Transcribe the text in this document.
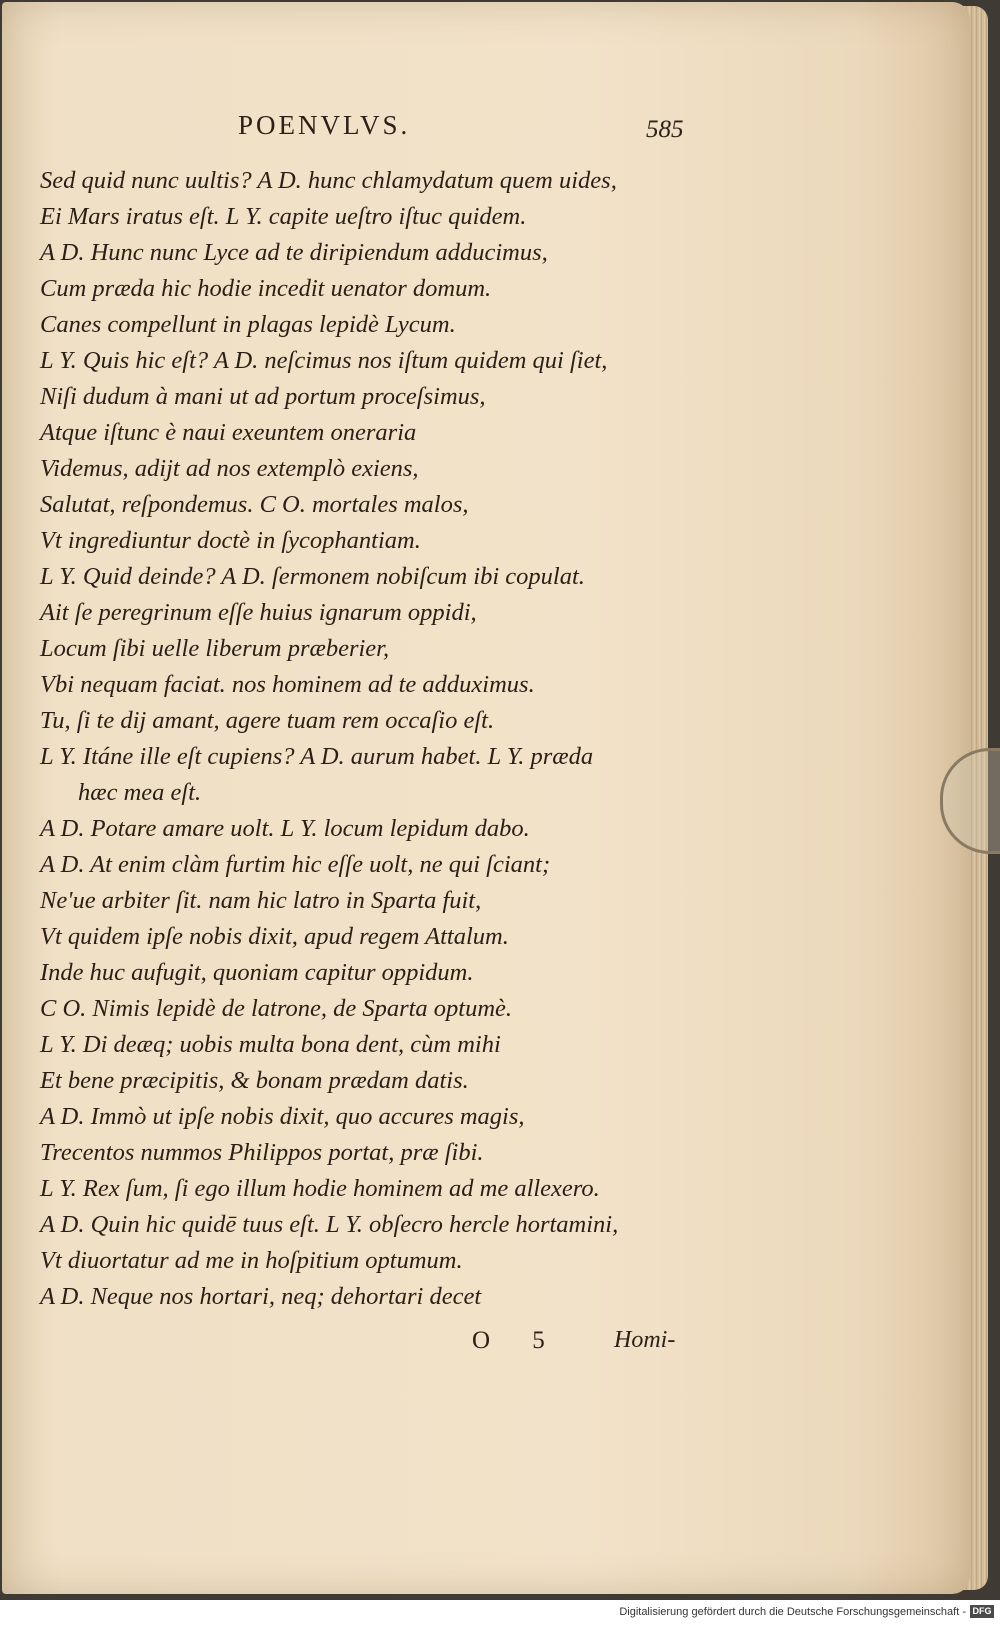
POENVLVS.	585
Sed quid nunc uultis? A D. hunc chlamydatum quem uides,
Ei Mars iratus eſt. L Y. capite ueſtro iſtuc quidem.
A D. Hunc nunc Lyce ad te diripiendum adducimus,
Cum præda hic hodie incedit uenator domum.
Canes compellunt in plagas lepidè Lycum.
L Y. Quis hic eſt? A D. neſcimus nos iſtum quidem qui ſiet,
Niſi dudum à mani ut ad portum proceſsimus,
Atque iſtunc è naui exeuntem oneraria
Videmus, adijt ad nos extemplò exiens,
Salutat, reſpondemus. C O. mortales malos,
Vt ingrediuntur doctè in ſycophantiam.
L Y. Quid deinde? A D. ſermonem nobiſcum ibi copulat.
Ait ſe peregrinum eſſe huius ignarum oppidi,
Locum ſibi uelle liberum præberier,
Vbi nequam faciat. nos hominem ad te adduximus.
Tu, ſi te dij amant, agere tuam rem occaſio eſt.
L Y. Itáne ille eſt cupiens? A D. aurum habet. L Y. præda
hæc mea eſt.
A D. Potare amare uolt. L Y. locum lepidum dabo.
A D. At enim clàm furtim hic eſſe uolt, ne qui ſciant;
Ne'ue arbiter ſit. nam hic latro in Sparta fuit,
Vt quidem ipſe nobis dixit, apud regem Attalum.
Inde huc aufugit, quoniam capitur oppidum.
C O. Nimis lepidè de latrone, de Sparta optumè.
L Y. Di deæq; uobis multa bona dent, cùm mihi
Et bene præcipitis, & bonam prædam datis.
A D. Immò ut ipſe nobis dixit, quo accures magis,
Trecentos nummos Philippos portat, præ ſibi.
L Y. Rex ſum, ſi ego illum hodie hominem ad me allexero.
A D. Quin hic quidē tuus eſt. L Y. obſecro hercle hortamini,
Vt diuortatur ad me in hoſpitium optumum.
A D. Neque nos hortari, neq; dehortari decet
O 5 Homi-
Digitalisierung gefördert durch die Deutsche Forschungsgemeinschaft - DFG
